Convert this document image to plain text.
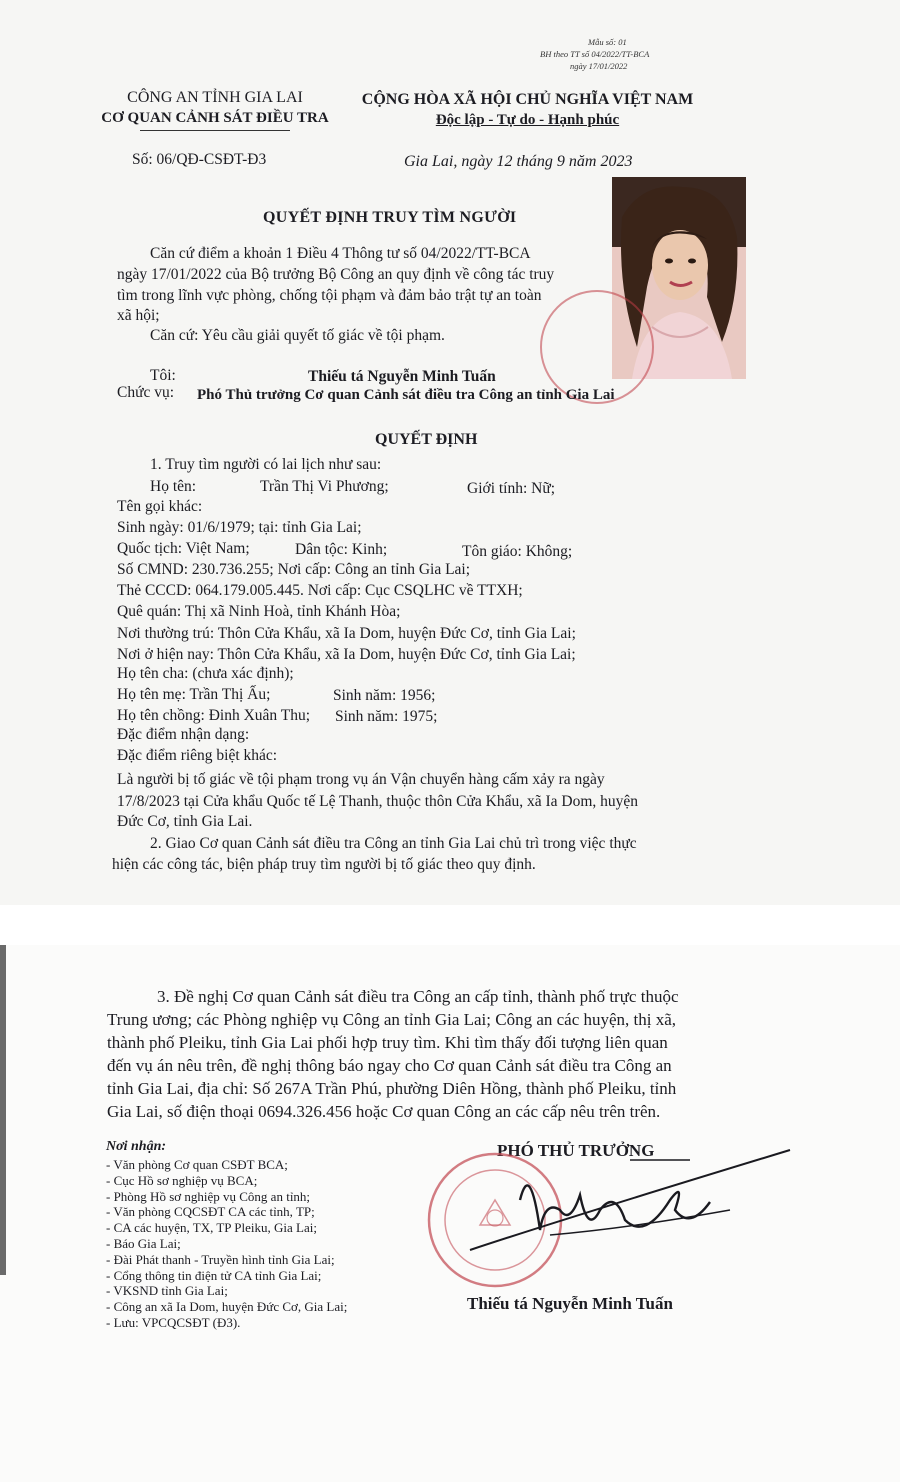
Mẫu số: 01
BH theo TT số 04/2022/TT-BCA
ngày 17/01/2022
CÔNG AN TỈNH GIA LAI
CƠ QUAN CẢNH SÁT ĐIỀU TRA
CỘNG HÒA XÃ HỘI CHỦ NGHĨA VIỆT NAM
Độc lập - Tự do - Hạnh phúc
Số: 06/QĐ-CSĐT-Đ3	Gia Lai, ngày 12 tháng 9 năm 2023
QUYẾT ĐỊNH TRUY TÌM NGƯỜI
Căn cứ điểm a khoản 1 Điều 4 Thông tư số 04/2022/TT-BCA
ngày 17/01/2022 của Bộ trưởng Bộ Công an quy định về công tác truy
tìm trong lĩnh vực phòng, chống tội phạm và đảm bảo trật tự an toàn
xã hội;
Căn cứ: Yêu cầu giải quyết tố giác về tội phạm.
Tôi:	Thiếu tá Nguyễn Minh Tuấn
Chức vụ: Phó Thủ trưởng Cơ quan Cảnh sát điều tra Công an tỉnh Gia Lai
QUYẾT ĐỊNH
1. Truy tìm người có lai lịch như sau:
Họ tên:	Trần Thị Vi Phương;	Giới tính: Nữ;
Tên gọi khác:
Sinh ngày: 01/6/1979; tại: tỉnh Gia Lai;
Quốc tịch: Việt Nam;	Dân tộc: Kinh;	Tôn giáo: Không;
Số CMND: 230.736.255; Nơi cấp: Công an tỉnh Gia Lai;
Thẻ CCCD: 064.179.005.445. Nơi cấp: Cục CSQLHC về TTXH;
Quê quán: Thị xã Ninh Hoà, tỉnh Khánh Hòa;
Nơi thường trú: Thôn Cửa Khẩu, xã Ia Dom, huyện Đức Cơ, tỉnh Gia Lai;
Nơi ở hiện nay: Thôn Cửa Khẩu, xã Ia Dom, huyện Đức Cơ, tỉnh Gia Lai;
Họ tên cha: (chưa xác định);
Họ tên mẹ: Trần Thị Ấu;	Sinh năm: 1956;
Họ tên chồng: Đinh Xuân Thu; Sinh năm: 1975;
Đặc điểm nhận dạng:
Đặc điểm riêng biệt khác:
Là người bị tố giác về tội phạm trong vụ án Vận chuyển hàng cấm xảy ra ngày
17/8/2023 tại Cửa khẩu Quốc tế Lệ Thanh, thuộc thôn Cửa Khẩu, xã Ia Dom, huyện
Đức Cơ, tỉnh Gia Lai.
2. Giao Cơ quan Cảnh sát điều tra Công an tỉnh Gia Lai chủ trì trong việc thực
hiện các công tác, biện pháp truy tìm người bị tố giác theo quy định.
3. Đề nghị Cơ quan Cảnh sát điều tra Công an cấp tỉnh, thành phố trực thuộc
Trung ương; các Phòng nghiệp vụ Công an tỉnh Gia Lai; Công an các huyện, thị xã,
thành phố Pleiku, tỉnh Gia Lai phối hợp truy tìm. Khi tìm thấy đối tượng liên quan
đến vụ án nêu trên, đề nghị thông báo ngay cho Cơ quan Cảnh sát điều tra Công an
tỉnh Gia Lai, địa chỉ: Số 267A Trần Phú, phường Diên Hồng, thành phố Pleiku, tỉnh
Gia Lai, số điện thoại 0694.326.456 hoặc Cơ quan Công an các cấp nêu trên trên.
Nơi nhận:
- Văn phòng Cơ quan CSĐT BCA;
- Cục Hồ sơ nghiệp vụ BCA;
- Phòng Hồ sơ nghiệp vụ Công an tỉnh;
- Văn phòng CQCSĐT CA các tỉnh, TP;
- CA các huyện, TX, TP Pleiku, Gia Lai;
- Báo Gia Lai;
- Đài Phát thanh - Truyền hình tỉnh Gia Lai;
- Cổng thông tin điện tử CA tỉnh Gia Lai;
- VKSND tỉnh Gia Lai;
- Công an xã Ia Dom, huyện Đức Cơ, Gia Lai;
- Lưu: VPCQCSĐT (Đ3).
PHÓ THỦ TRƯỞNG
Thiếu tá Nguyễn Minh Tuấn
